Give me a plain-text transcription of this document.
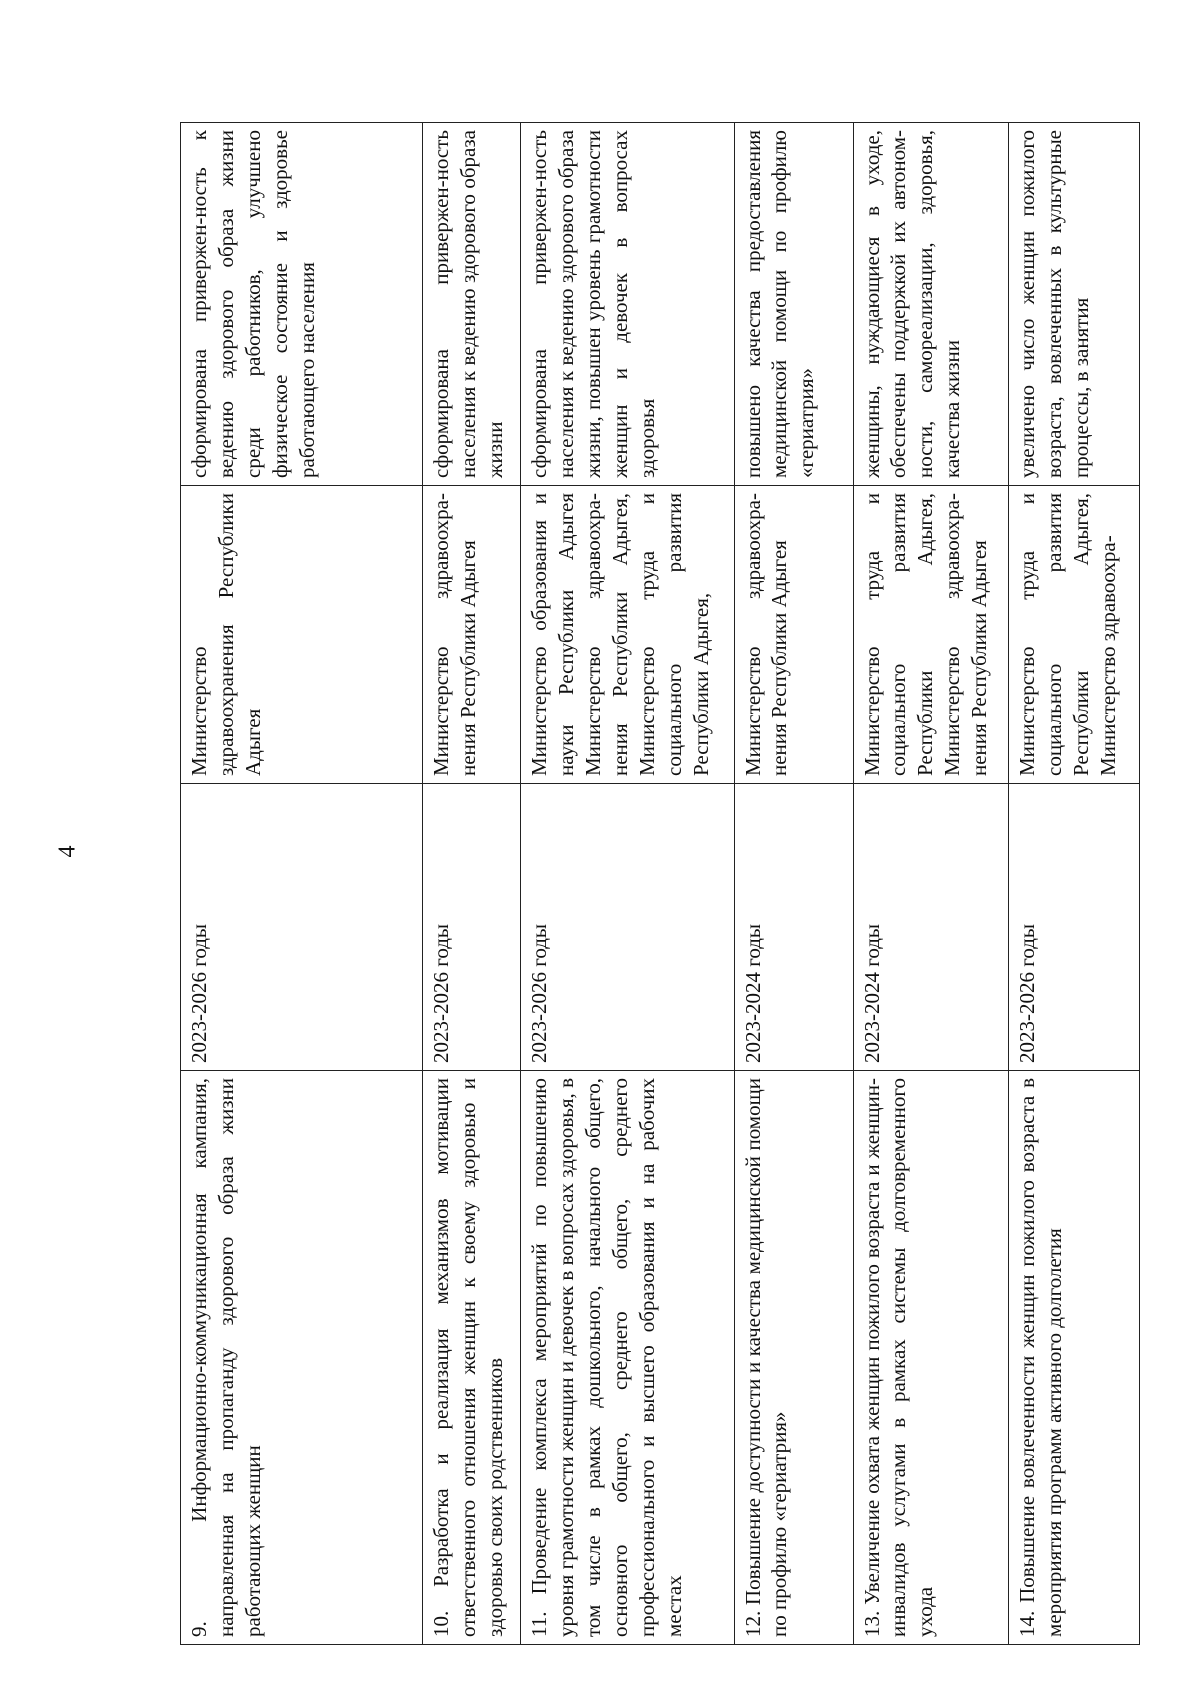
4
9.    Информационно-коммуникационная кампания, направленная на пропаганду здорового образа жизни работающих женщин	2023-2026 годы	Министерство здравоохранения Республики Адыгея	сформирована привержен-ность к ведению здорового образа жизни среди работников, улучшено физическое состояние и здоровье работающего населения
10. Разработка и реализация механизмов мотивации ответственного отношения женщин к своему здоровью и здоровью своих родственников	2023-2026 годы	Министерство здравоохра-нения Республики Адыгея	сформирована привержен-ность населения к ведению здорового образа жизни
11. Проведение комплекса мероприятий по повышению уровня грамотности женщин и девочек в вопросах здоровья, в том числе в рамках дошкольного, начального общего, основного общего, среднего общего, среднего профессионального и высшего образования и на рабочих местах	2023-2026 годы	Министерство образования и науки Республики Адыгея Министерство здравоохра-нения Республики Адыгея, Министерство труда и социального развития Республики Адыгея,	сформирована привержен-ность населения к ведению здорового образа жизни, повышен уровень грамотности женщин и девочек в вопросах здоровья
12. Повышение доступности и качества медицинской помощи по профилю «гериатрия»	2023-2024 годы	Министерство здравоохра-нения Республики Адыгея	повышено качества предоставления медицинской помощи по профилю «гериатрия»
13. Увеличение охвата женщин пожилого возраста и женщин-инвалидов услугами в рамках системы долговременного ухода	2023-2024 годы	Министерство труда и социального развития Республики Адыгея, Министерство здравоохра-нения Республики Адыгея	женщины, нуждающиеся в уходе, обеспечены поддержкой их автоном-ности, самореализации, здоровья, качества жизни
14. Повышение вовлеченности женщин пожилого возраста в мероприятия программ активного долголетия	2023-2026 годы	Министерство труда и социального развития Республики Адыгея, Министерство здравоохра-	увеличено число женщин пожилого возраста, вовлеченных в культурные процессы, в занятия
